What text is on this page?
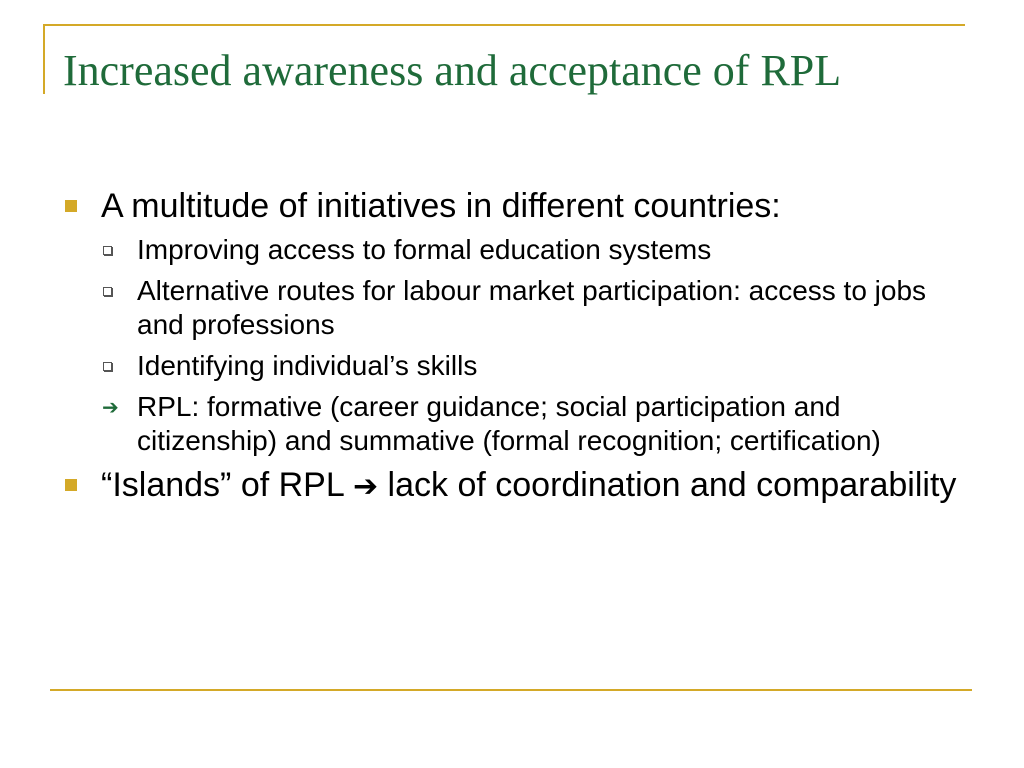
Increased awareness and acceptance of RPL
A multitude of initiatives in different countries:
Improving access to formal education systems
Alternative routes for labour market participation: access to jobs and professions
Identifying individual’s skills
➔ RPL: formative (career guidance; social participation and citizenship) and summative (formal recognition; certification)
“Islands” of RPL ➔ lack of coordination and comparability
